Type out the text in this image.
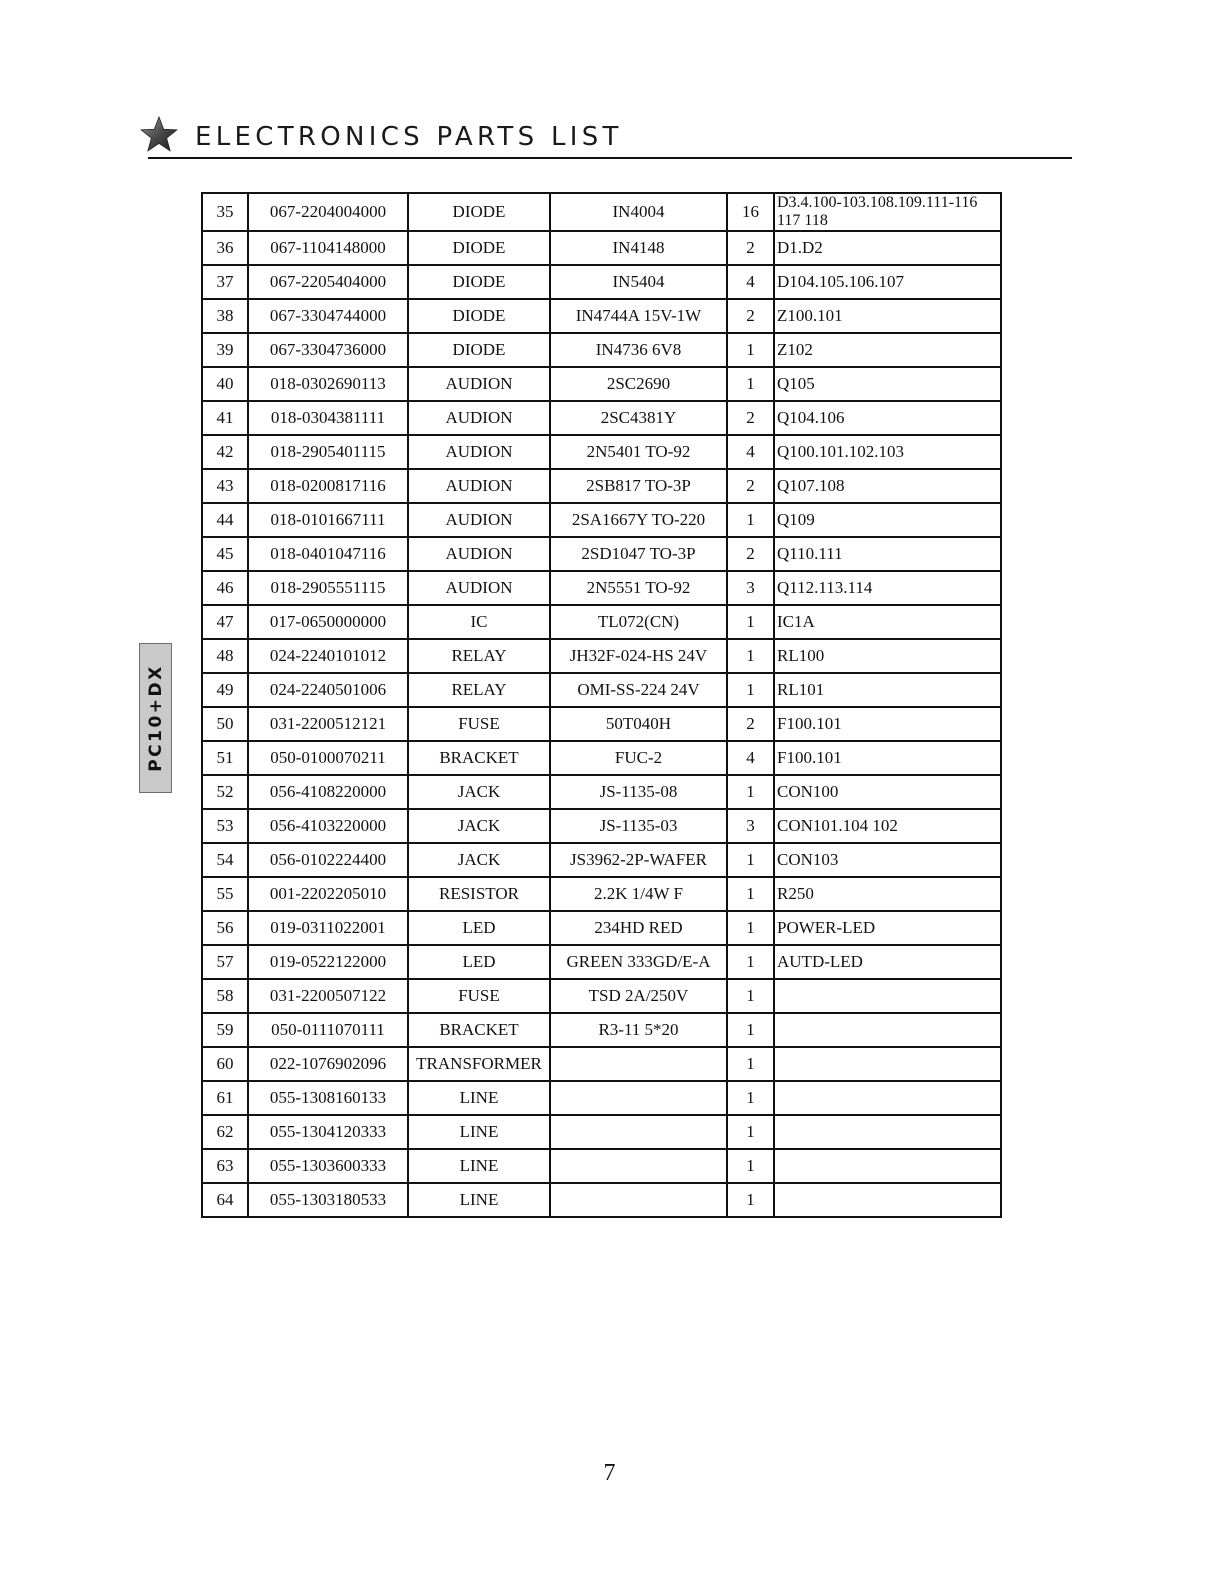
ELECTRONICS PARTS LIST
PC10+DX
35	067-2204004000	DIODE	IN4004	16	D3.4.100-103.108.109.111-116 117 118
36	067-1104148000	DIODE	IN4148	2	D1.D2
37	067-2205404000	DIODE	IN5404	4	D104.105.106.107
38	067-3304744000	DIODE	IN4744A 15V-1W	2	Z100.101
39	067-3304736000	DIODE	IN4736 6V8	1	Z102
40	018-0302690113	AUDION	2SC2690	1	Q105
41	018-0304381111	AUDION	2SC4381Y	2	Q104.106
42	018-2905401115	AUDION	2N5401 TO-92	4	Q100.101.102.103
43	018-0200817116	AUDION	2SB817 TO-3P	2	Q107.108
44	018-0101667111	AUDION	2SA1667Y TO-220	1	Q109
45	018-0401047116	AUDION	2SD1047 TO-3P	2	Q110.111
46	018-2905551115	AUDION	2N5551 TO-92	3	Q112.113.114
47	017-0650000000	IC	TL072(CN)	1	IC1A
48	024-2240101012	RELAY	JH32F-024-HS 24V	1	RL100
49	024-2240501006	RELAY	OMI-SS-224 24V	1	RL101
50	031-2200512121	FUSE	50T040H	2	F100.101
51	050-0100070211	BRACKET	FUC-2	4	F100.101
52	056-4108220000	JACK	JS-1135-08	1	CON100
53	056-4103220000	JACK	JS-1135-03	3	CON101.104 102
54	056-0102224400	JACK	JS3962-2P-WAFER	1	CON103
55	001-2202205010	RESISTOR	2.2K 1/4W F	1	R250
56	019-0311022001	LED	234HD RED	1	POWER-LED
57	019-0522122000	LED	GREEN 333GD/E-A	1	AUTD-LED
58	031-2200507122	FUSE	TSD 2A/250V	1	
59	050-0111070111	BRACKET	R3-11 5*20	1	
60	022-1076902096	TRANSFORMER		1	
61	055-1308160133	LINE		1	
62	055-1304120333	LINE		1	
63	055-1303600333	LINE		1	
64	055-1303180533	LINE		1	
7
